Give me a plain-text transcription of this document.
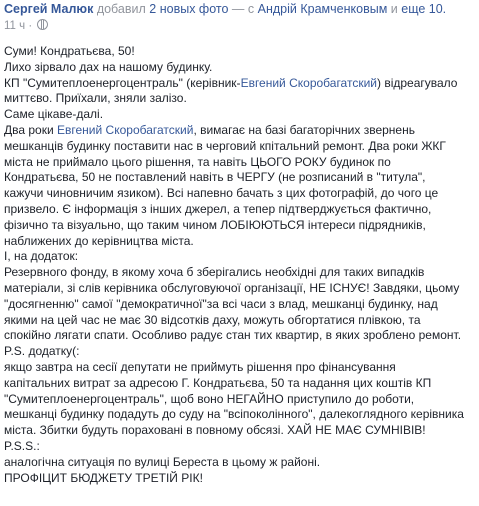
Сергей Малюк добавил 2 новых фото — с Андрій Крамченковым и еще 10.
11 ч ·
Суми! Кондратьєва, 50!
Лихо зірвало дах на нашому будинку.
КП "Сумитеплоенергоцентраль" (керівник-Евгений Скоробагатский) відреагувало
миттєво. Приїхали, зняли залізо.
Саме цікаве-далі.
Два роки Евгений Скоробагатский, вимагає на базі багаторічних звернень
мешканців будинку поставити нас в черговий кпітальний ремонт. Два роки ЖКГ
міста не приймало цього рішення, та навіть ЦЬОГО РОКУ будинок по
Кондратьєва, 50 не поставлений навіть в ЧЕРГУ (не розписаний в "титула",
кажучи чиновничим язиком). Всі напевно бачать з цих фотографій, до чого це
призвело. Є інформація з інших джерел, а тепер підтверджується фактично,
фізично та візуально, що таким чином ЛОБІЮЮТЬСЯ інтереси підрядників,
наближених до керівництва міста.
І, на додаток:
Резервного фонду, в якому хоча б зберігались необхідні для таких випадків
матеріали, зі слів керівника обслуговуючої організації, НЕ ІСНУЄ! Завдяки, цьому
"досягненню" самої "демократичної"за всі часи з влад, мешканці будинку, над
якими на цей час не має 30 відсотків даху, можуть обгортатися плівкою, та
спокійно лягати спати. Особливо радує стан тих квартир, в яких зроблено ремонт.
P.S. додатку(:
якщо завтра на сесії депутати не приймуть рішення про фінансування
капітальних витрат за адресою Г. Кондратьєва, 50 та надання цих коштів КП
"Сумитеплоенергоцентраль", щоб воно НЕГАЙНО приступило до роботи,
мешканці будинку подадуть до суду на "всіпоколінного", далекоглядного керівника
міста. Збитки будуть пораховані в повному обсязі. ХАЙ НЕ МАЄ СУМНІВІВ!
P.S.S.:
аналогічна ситуація по вулиці Береста в цьому ж районі.
ПРОФІЦИТ БЮДЖЕТУ ТРЕТІЙ РІК!
